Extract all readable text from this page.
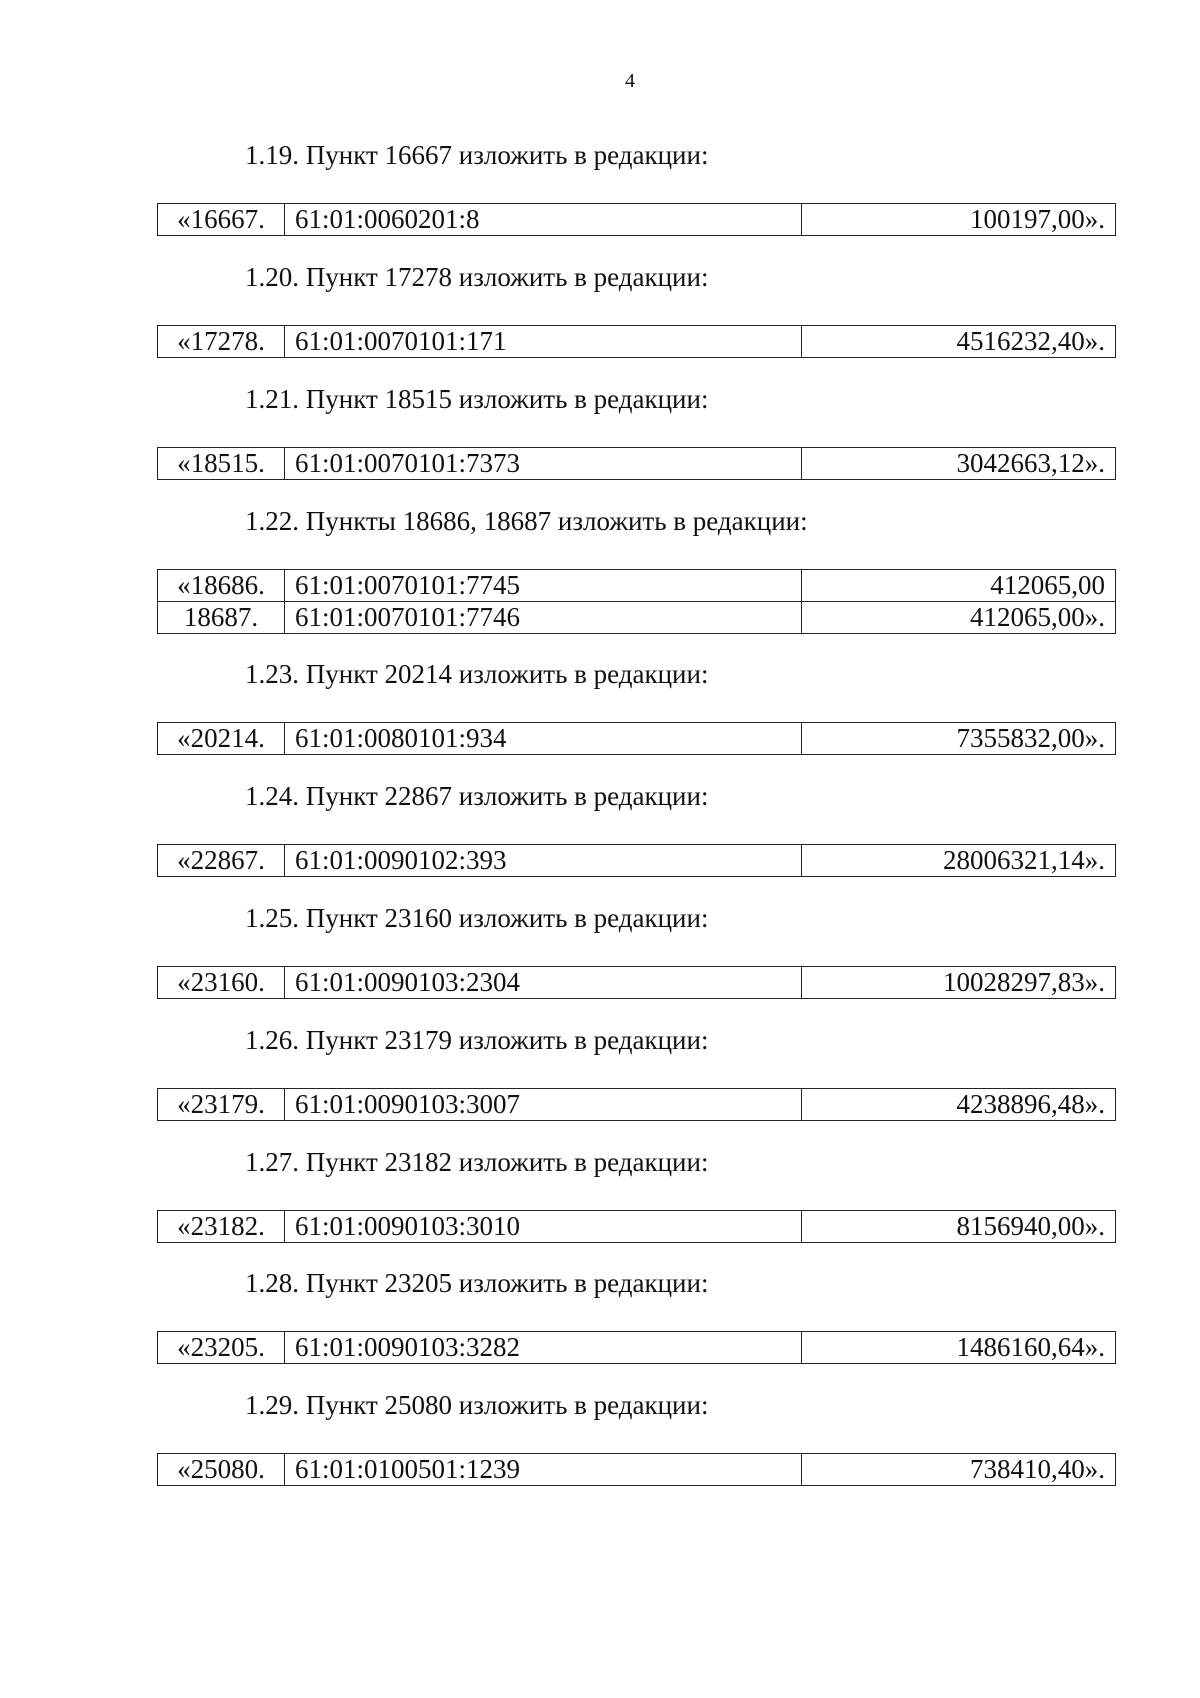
4
1.19. Пункт 16667 изложить в редакции:
«16667.	61:01:0060201:8	100197,00».
1.20. Пункт 17278 изложить в редакции:
«17278.	61:01:0070101:171	4516232,40».
1.21. Пункт 18515 изложить в редакции:
«18515.	61:01:0070101:7373	3042663,12».
1.22. Пункты 18686, 18687 изложить в редакции:
«18686.	61:01:0070101:7745	412065,00
18687.	61:01:0070101:7746	412065,00».
1.23. Пункт 20214 изложить в редакции:
«20214.	61:01:0080101:934	7355832,00».
1.24. Пункт 22867 изложить в редакции:
«22867.	61:01:0090102:393	28006321,14».
1.25. Пункт 23160 изложить в редакции:
«23160.	61:01:0090103:2304	10028297,83».
1.26. Пункт 23179 изложить в редакции:
«23179.	61:01:0090103:3007	4238896,48».
1.27. Пункт 23182 изложить в редакции:
«23182.	61:01:0090103:3010	8156940,00».
1.28. Пункт 23205 изложить в редакции:
«23205.	61:01:0090103:3282	1486160,64».
1.29. Пункт 25080 изложить в редакции:
«25080.	61:01:0100501:1239	738410,40».
